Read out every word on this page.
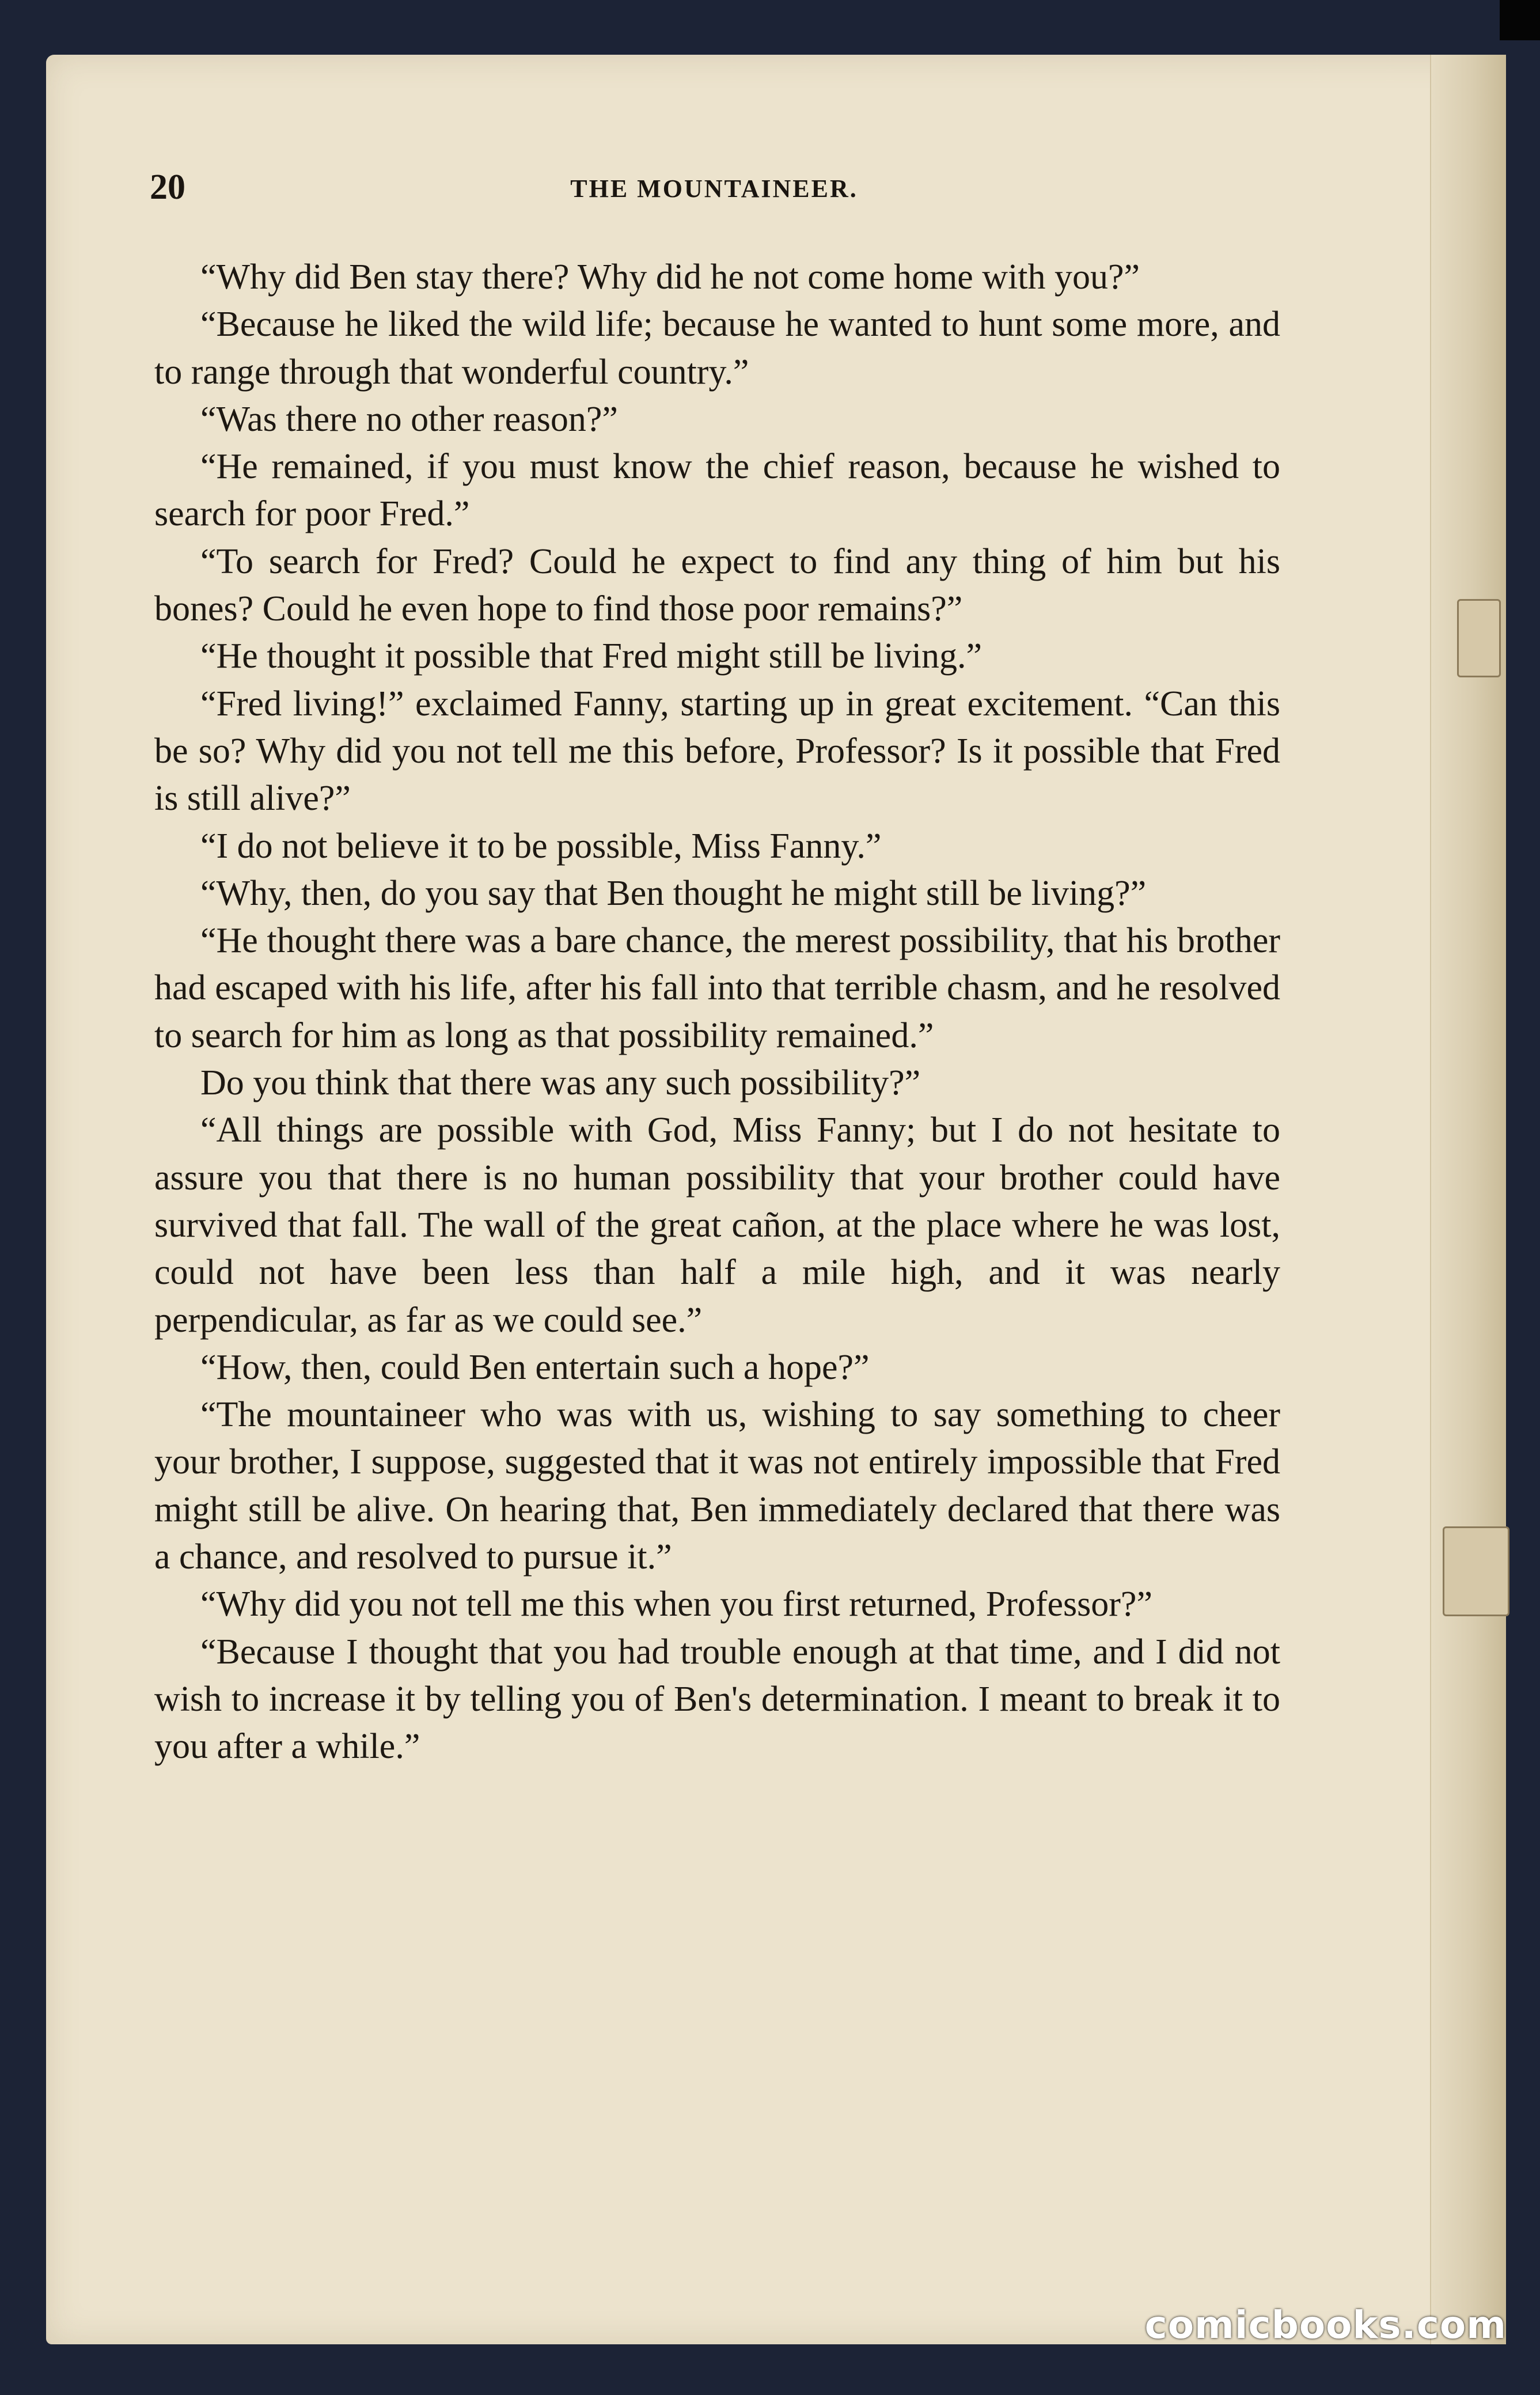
20	THE MOUNTAINEER.

“Why did Ben stay there? Why did he not come home with you?”

“Because he liked the wild life; because he wanted to hunt some more, and to range through that wonderful country.”

“Was there no other reason?”

“He remained, if you must know the chief reason, because he wished to search for poor Fred.”

“To search for Fred? Could he expect to find any thing of him but his bones? Could he even hope to find those poor remains?”

“He thought it possible that Fred might still be living.”

“Fred living!” exclaimed Fanny, starting up in great excitement. “Can this be so? Why did you not tell me this before, Professor? Is it possible that Fred is still alive?”

“I do not believe it to be possible, Miss Fanny.”

“Why, then, do you say that Ben thought he might still be living?”

“He thought there was a bare chance, the merest possibility, that his brother had escaped with his life, after his fall into that terrible chasm, and he resolved to search for him as long as that possibility remained.”

Do you think that there was any such possibility?”

“All things are possible with God, Miss Fanny; but I do not hesitate to assure you that there is no human possibility that your brother could have survived that fall. The wall of the great cañon, at the place where he was lost, could not have been less than half a mile high, and it was nearly perpendicular, as far as we could see.”

“How, then, could Ben entertain such a hope?”

“The mountaineer who was with us, wishing to say something to cheer your brother, I suppose, suggested that it was not entirely impossible that Fred might still be alive. On hearing that, Ben immediately declared that there was a chance, and resolved to pursue it.”

“Why did you not tell me this when you first returned, Professor?”

“Because I thought that you had trouble enough at that time, and I did not wish to increase it by telling you of Ben's determination. I meant to break it to you after a while.”

comicbooks.com
